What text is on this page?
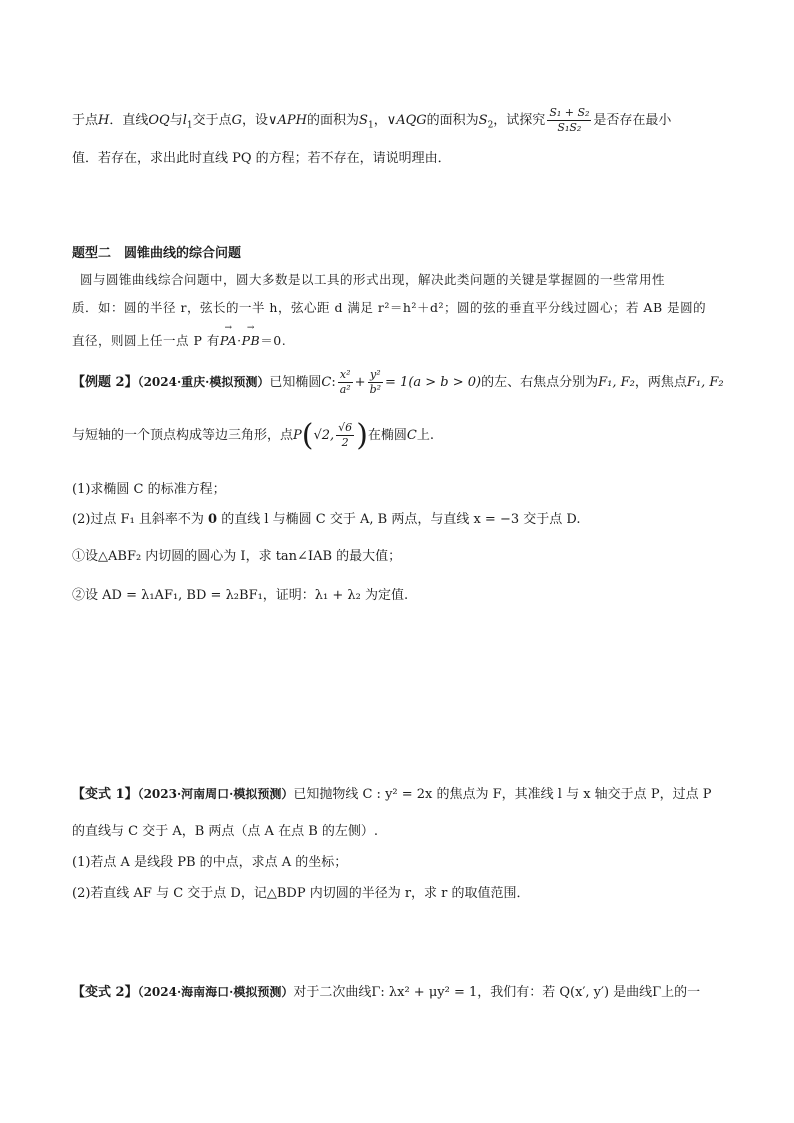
于点H．直线OQ与$l_1$交于点G，设∨APH的面积为$S_1$，∨AQG的面积为$S_2$，试探究 $\frac{\text{S₁ + S₂}}{\text{S₁S₂}}$ 是否存在最小
值．若存在，求出此时直线 PQ 的方程；若不存在，请说明理由．
题型二　圆锥曲线的综合问题
圆与圆锥曲线综合问题中，圆大多数是以工具的形式出现，解决此类问题的关键是掌握圆的一些常用性
质．如：圆的半径 r，弦长的一半 h，弦心距 d 满足 r²＝h²＋d²；圆的弦的垂直平分线过圆心；若 AB 是圆的
直径，则圆上任一点 P 有→ PA·→ PB＝0.
【例题 2】（2024·重庆·模拟预测）已知椭圆C: $\frac{\text{x²}}{\text{a²}} + \frac{\text{y²}}{\text{b²}} = 1(a > b > 0)$的左、右焦点分别为F₁, F₂，两焦点F₁, F₂
与短轴的一个顶点构成等边三角形，点P(√2, $\frac{√6}{2}$ )在椭圆C上.
(1)求椭圆 C 的标准方程；
(2)过点 F₁ 且斜率不为 0 的直线 l 与椭圆 C 交于 A, B 两点，与直线 x = −3 交于点 D.
①设△ABF₂ 内切圆的圆心为 I，求 tan∠IAB 的最大值；
②设 AD = λ₁AF₁, BD = λ₂BF₁，证明：λ₁ + λ₂ 为定值.
【变式 1】（2023·河南周口·模拟预测）已知抛物线 C : y² = 2x 的焦点为 F，其准线 l 与 x 轴交于点 P，过点 P
的直线与 C 交于 A，B 两点（点 A 在点 B 的左侧）.
(1)若点 A 是线段 PB 的中点，求点 A 的坐标；
(2)若直线 AF 与 C 交于点 D，记△BDP 内切圆的半径为 r，求 r 的取值范围．
【变式 2】（2024·海南海口·模拟预测）对于二次曲线Γ: λx² + μy² = 1，我们有：若 Q(x′, y′) 是曲线Γ上的一
